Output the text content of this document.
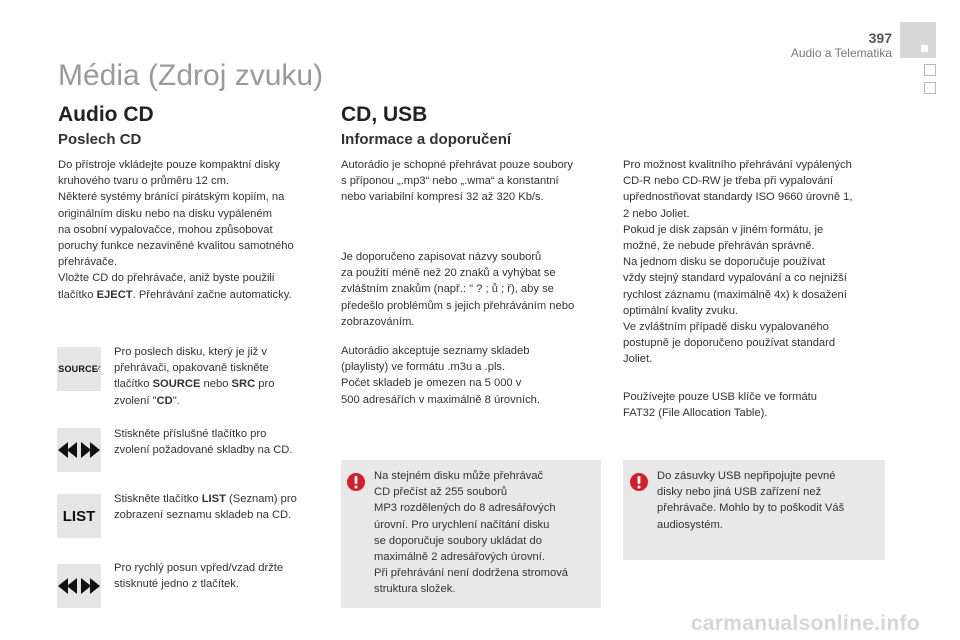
397
Audio a Telematika
Média (Zdroj zvuku)
Audio CD
Poslech CD
Do přístroje vkládejte pouze kompaktní disky
kruhového tvaru o průměru 12 cm.
Některé systémy bránící pirátským kopiím, na
originálním disku nebo na disku vypáleném
na osobní vypalovačce, mohou způsobovat
poruchy funkce nezaviněné kvalitou samotného
přehrávače.
Vložte CD do přehrávače, aniž byste použili
tlačítko EJECT. Přehrávání začne automaticky.
SOURCE ⁄
Pro poslech disku, který je již v
přehrávači, opakovaně tiskněte
tlačítko SOURCE nebo SRC pro
zvolení "CD".
Stiskněte příslušné tlačítko pro
zvolení požadované skladby na CD.
LIST
Stiskněte tlačítko LIST (Seznam) pro
zobrazení seznamu skladeb na CD.
Pro rychlý posun vpřed/vzad držte
stisknuté jedno z tlačítek.
CD, USB
Informace a doporučení
Autorádio je schopné přehrávat pouze soubory
s příponou „.mp3“ nebo „.wma“ a konstantní
nebo variabilní kompresí 32 až 320 Kb/s.
Je doporučeno zapisovat názvy souborů
za použití méně než 20 znaků a vyhýbat se
zvláštním znakům (např.: " ? ; ů ; ř), aby se
předešlo problémům s jejich přehráváním nebo
zobrazováním.
Autorádio akceptuje seznamy skladeb
(playlisty) ve formátu .m3u a .pls.
Počet skladeb je omezen na 5 000 v
500 adresářích v maximálně 8 úrovních.
Na stejném disku může přehrávač
CD přečíst až 255 souborů
MP3 rozdělených do 8 adresářových
úrovní. Pro urychlení načítání disku
se doporučuje soubory ukládat do
maximálně 2 adresářových úrovní.
Při přehrávání není dodržena stromová
struktura složek.
Pro možnost kvalitního přehrávání vypálených
CD-R nebo CD-RW je třeba při vypalování
upřednostňovat standardy ISO 9660 úrovně 1,
2 nebo Joliet.
Pokud je disk zapsán v jiném formátu, je
možné, že nebude přehráván správně.
Na jednom disku se doporučuje používat
vždy stejný standard vypalování a co nejnižší
rychlost záznamu (maximálně 4x) k dosažení
optimální kvality zvuku.
Ve zvláštním případě disku vypalovaného
postupně je doporučeno používat standard
Joliet.
Používejte pouze USB klíče ve formátu
FAT32 (File Allocation Table).
Do zásuvky USB nepřipojujte pevné
disky nebo jiná USB zařízení než
přehrávače. Mohlo by to poškodit Váš
audiosystém.
carmanualsonline.info
